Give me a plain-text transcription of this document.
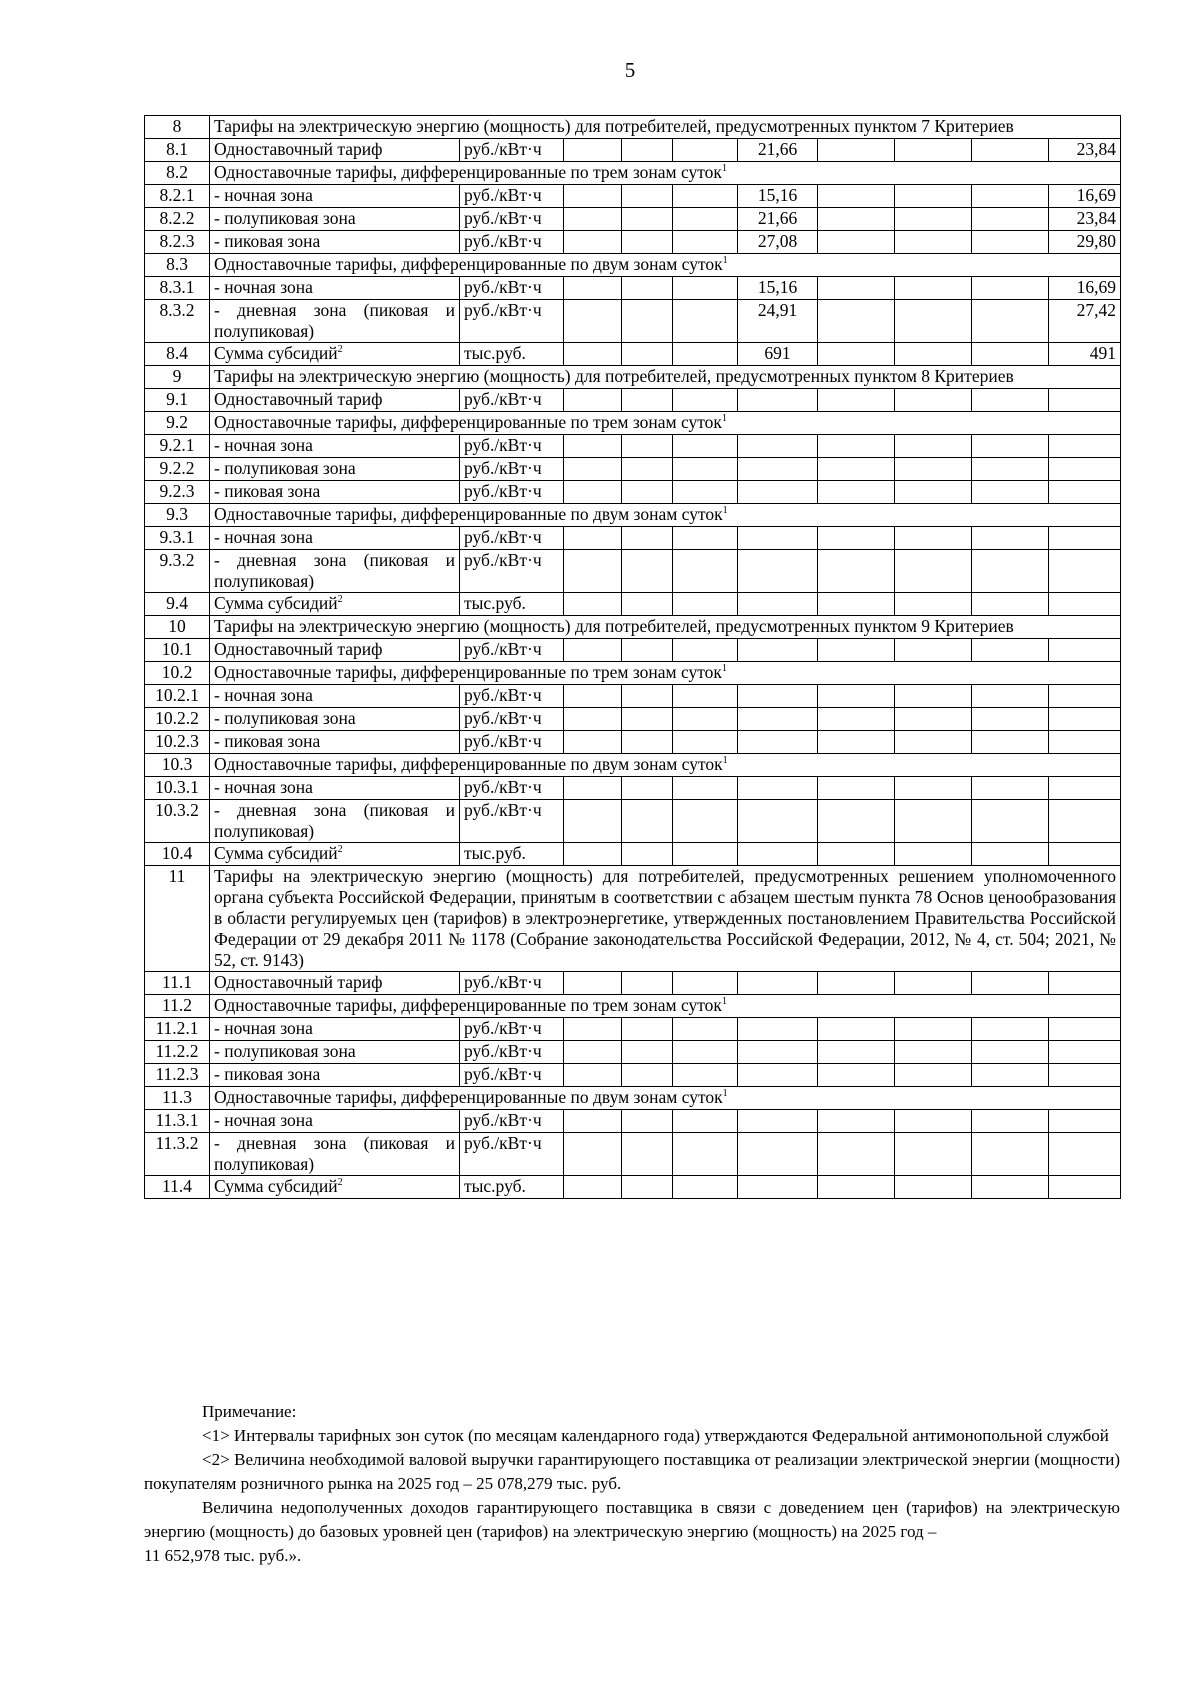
5
8	Тарифы на электрическую энергию (мощность) для потребителей, предусмотренных пунктом 7 Критериев									
8.1	Одноставочный тариф	руб./кВт·ч				21,66				23,84
8.2	Одноставочные тарифы, дифференцированные по трем зонам суток$^1$
8.2.1	- ночная зона	руб./кВт·ч				15,16				16,69
8.2.2	- полупиковая зона	руб./кВт·ч				21,66				23,84
8.2.3	- пиковая зона	руб./кВт·ч				27,08				29,80
8.3	Одноставочные тарифы, дифференцированные по двум зонам суток$^1$
8.3.1	- ночная зона	руб./кВт·ч				15,16				16,69
8.3.2	- дневная зона (пиковая и полупиковая)	руб./кВт·ч				24,91				27,42
8.4	Сумма субсидий$^2$	тыс.руб.				691				491
9	Тарифы на электрическую энергию (мощность) для потребителей, предусмотренных пунктом 8 Критериев									
9.1	Одноставочный тариф	руб./кВт·ч								
9.2	Одноставочные тарифы, дифференцированные по трем зонам суток$^1$
9.2.1	- ночная зона	руб./кВт·ч								
9.2.2	- полупиковая зона	руб./кВт·ч								
9.2.3	- пиковая зона	руб./кВт·ч								
9.3	Одноставочные тарифы, дифференцированные по двум зонам суток$^1$
9.3.1	- ночная зона	руб./кВт·ч								
9.3.2	- дневная зона (пиковая и полупиковая)	руб./кВт·ч								
9.4	Сумма субсидий$^2$	тыс.руб.								
10	Тарифы на электрическую энергию (мощность) для потребителей, предусмотренных пунктом 9 Критериев									
10.1	Одноставочный тариф	руб./кВт·ч								
10.2	Одноставочные тарифы, дифференцированные по трем зонам суток$^1$
10.2.1	- ночная зона	руб./кВт·ч								
10.2.2	- полупиковая зона	руб./кВт·ч								
10.2.3	- пиковая зона	руб./кВт·ч								
10.3	Одноставочные тарифы, дифференцированные по двум зонам суток$^1$
10.3.1	- ночная зона	руб./кВт·ч								
10.3.2	- дневная зона (пиковая и полупиковая)	руб./кВт·ч								
10.4	Сумма субсидий$^2$	тыс.руб.								
11	Тарифы на электрическую энергию (мощность) для потребителей, предусмотренных решением уполномоченного органа субъекта Российской Федерации, принятым в соответствии с абзацем шестым пункта 78 Основ ценообразования в области регулируемых цен (тарифов) в электроэнергетике, утвержденных постановлением Правительства Российской Федерации от 29 декабря 2011 № 1178 (Собрание законодательства Российской Федерации, 2012, № 4, ст. 504; 2021, № 52, ст. 9143)									
11.1	Одноставочный тариф	руб./кВт·ч								
11.2	Одноставочные тарифы, дифференцированные по трем зонам суток$^1$
11.2.1	- ночная зона	руб./кВт·ч								
11.2.2	- полупиковая зона	руб./кВт·ч								
11.2.3	- пиковая зона	руб./кВт·ч								
11.3	Одноставочные тарифы, дифференцированные по двум зонам суток$^1$
11.3.1	- ночная зона	руб./кВт·ч								
11.3.2	- дневная зона (пиковая и полупиковая)	руб./кВт·ч								
11.4	Сумма субсидий$^2$	тыс.руб.								

Примечание:

<1> Интервалы тарифных зон суток (по месяцам календарного года) утверждаются Федеральной антимонопольной службой

<2> Величина необходимой валовой выручки гарантирующего поставщика от реализации электрической энергии (мощности) покупателям розничного рынка на 2025 год – 25 078,279 тыс. руб.

Величина недополученных доходов гарантирующего поставщика в связи с доведением цен (тарифов) на электрическую энергию (мощность) до базовых уровней цен (тарифов) на электрическую энергию (мощность) на 2025 год –

11 652,978 тыс. руб.».
